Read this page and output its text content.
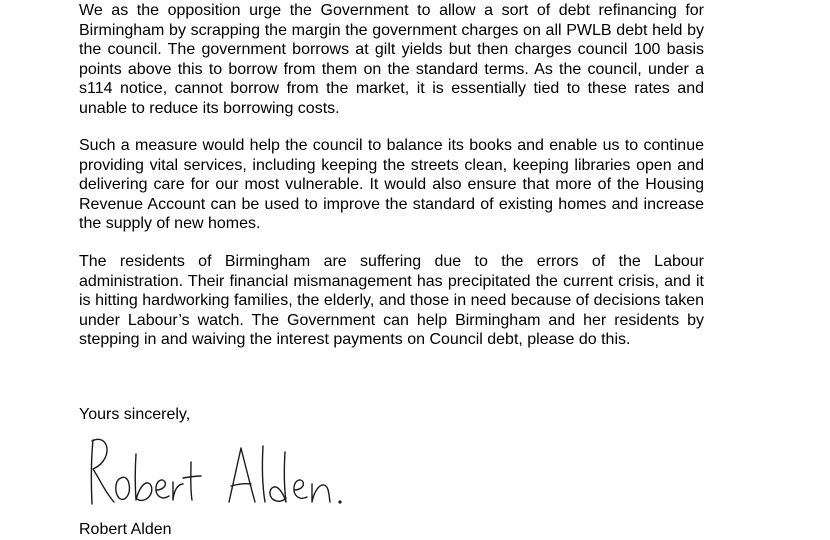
We as the opposition urge the Government to allow a sort of debt refinancing for Birmingham by scrapping the margin the government charges on all PWLB debt held by the council. The government borrows at gilt yields but then charges council 100 basis points above this to borrow from them on the standard terms. As the council, under a s114 notice, cannot borrow from the market, it is essentially tied to these rates and unable to reduce its borrowing costs.

Such a measure would help the council to balance its books and enable us to continue providing vital services, including keeping the streets clean, keeping libraries open and delivering care for our most vulnerable. It would also ensure that more of the Housing Revenue Account can be used to improve the standard of existing homes and increase the supply of new homes.

The residents of Birmingham are suffering due to the errors of the Labour administration. Their financial mismanagement has precipitated the current crisis, and it is hitting hardworking families, the elderly, and those in need because of decisions taken under Labour’s watch. The Government can help Birmingham and her residents by stepping in and waiving the interest payments on Council debt, please do this.

Yours sincerely,
Robert Alden
